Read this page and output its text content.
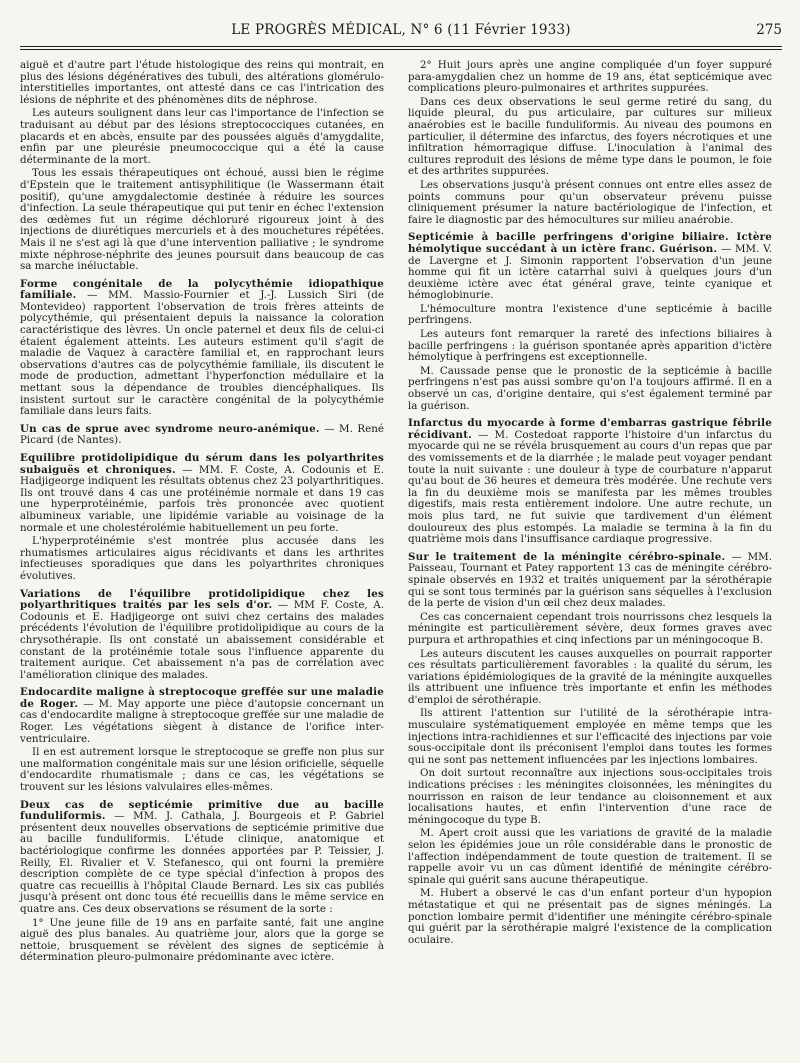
LE PROGRÈS MÉDICAL, N° 6 (11 Février 1933)	275

aiguë et d'autre part l'étude histologique des reins qui montrait, en plus des lésions dégénératives des tubuli, des altérations glomérulo-interstitielles importantes, ont attesté dans ce cas l'intrication des lésions de néphrite et des phénomènes dits de néphrose.

Les auteurs soulignent dans leur cas l'importance de l'infection se traduisant au début par des lésions streptococciques cutanées, en placards et en abcès, ensuite par des poussées aiguës d'amygdalite, enfin par une pleurésie pneumococcique qui a été la cause déterminante de la mort.

Tous les essais thérapeutiques ont échoué, aussi bien le régime d'Epstein que le traitement antisyphilitique (le Wassermann était positif), qu'une amygdalectomie destinée à réduire les sources d'infection. La seule thérapeutique qui put tenir en échec l'extension des œdèmes fut un régime déchloruré rigoureux joint à des injections de diurétiques mercuriels et à des mouchetures répétées. Mais il ne s'est agi là que d'une intervention palliative ; le syndrome mixte néphrose-néphrite des jeunes poursuit dans beaucoup de cas sa marche inéluctable.

Forme congénitale de la polycythémie idiopathique familiale. — MM. Massio-Fournier et J.-J. Lussich Siri (de Montevideo) rapportent l'observation de trois frères atteints de polycythémie, qui présentaient depuis la naissance la coloration caractéristique des lèvres. Un oncle paternel et deux fils de celui-ci étaient également atteints. Les auteurs estiment qu'il s'agit de maladie de Vaquez à caractère familial et, en rapprochant leurs observations d'autres cas de polycythémie familiale, ils discutent le mode de production, admettant l'hyperfonction médullaire et la mettant sous la dépendance de troubles diencéphaliques. Ils insistent surtout sur le caractère congénital de la polycythémie familiale dans leurs faits.

Un cas de sprue avec syndrome neuro-anémique. — M. René Picard (de Nantes).

Equilibre protidolipidique du sérum dans les polyarthrites subaiguës et chroniques. — MM. F. Coste, A. Codounis et E. Hadjigeorge indiquent les résultats obtenus chez 23 polyarthritiques. Ils ont trouvé dans 4 cas une protéinémie normale et dans 19 cas une hyperprotéinémie, parfois très prononcée avec quotient albumineux variable, une lipidémie variable au voisinage de la normale et une cholestérolémie habituellement un peu forte.

L'hyperprotéinémie s'est montrée plus accusée dans les rhumatismes articulaires aigus récidivants et dans les arthrites infectieuses sporadiques que dans les polyarthrites chroniques évolutives.

Variations de l'équilibre protidolipidique chez les polyarthritiques traités par les sels d'or. — MM F. Coste, A. Codounis et E. Hadjigeorge ont suivi chez certains des malades précédents l'évolution de l'équilibre protidolipidique au cours de la chrysothérapie. Ils ont constaté un abaissement considérable et constant de la protéinémie totale sous l'influence apparente du traitement aurique. Cet abaissement n'a pas de corrélation avec l'amélioration clinique des malades.

Endocardite maligne à streptocoque greffée sur une maladie de Roger. — M. May apporte une pièce d'autopsie concernant un cas d'endocardite maligne à streptocoque greffée sur une maladie de Roger. Les végétations siègent à distance de l'orifice inter-ventriculaire.

Il en est autrement lorsque le streptocoque se greffe non plus sur une malformation congénitale mais sur une lésion orificielle, séquelle d'endocardite rhumatismale ; dans ce cas, les végétations se trouvent sur les lésions valvulaires elles-mêmes.

Deux cas de septicémie primitive due au bacille funduliformis. — MM. J. Cathala, J. Bourgeois et P. Gabriel présentent deux nouvelles observations de septicémie primitive due au bacille funduliformis. L'étude clinique, anatomique et bactériologique confirme les données apportées par P. Teissier, J. Reilly, El. Rivalier et V. Stefanesco, qui ont fourni la première description complète de ce type spécial d'infection à propos des quatre cas recueillis à l'hôpital Claude Bernard. Les six cas publiés jusqu'à présent ont donc tous été recueillis dans le même service en quatre ans. Ces deux observations se résument de la sorte :

1° Une jeune fille de 19 ans en parfaite santé, fait une angine aiguë des plus banales. Au quatrième jour, alors que la gorge se nettoie, brusquement se révèlent des signes de septicémie à détermination pleuro-pulmonaire prédominante avec ictère.

2° Huit jours après une angine compliquée d'un foyer suppuré para-amygdalien chez un homme de 19 ans, état septicémique avec complications pleuro-pulmonaires et arthrites suppurées.

Dans ces deux observations le seul germe retiré du sang, du liquide pleural, du pus articulaire, par cultures sur milieux anaérobies est le bacille funduliformis. Au niveau des poumons en particulier, il détermine des infarctus, des foyers nécrotiques et une infiltration hémorragique diffuse. L'inoculation à l'animal des cultures reproduit des lésions de même type dans le poumon, le foie et des arthrites suppurées.

Les observations jusqu'à présent connues ont entre elles assez de points communs pour qu'un observateur prévenu puisse cliniquement présumer la nature bactériologique de l'infection, et faire le diagnostic par des hémocultures sur milieu anaérobie.

Septicémie à bacille perfringens d'origine biliaire. Ictère hémolytique succédant à un ictère franc. Guérison. — MM. V. de Lavergne et J. Simonin rapportent l'observation d'un jeune homme qui fit un ictère catarrhal suivi à quelques jours d'un deuxième ictère avec état général grave, teinte cyanique et hémoglobinurie.

L'hémoculture montra l'existence d'une septicémie à bacille perfringens.

Les auteurs font remarquer la rareté des infections biliaires à bacille perfringens : la guérison spontanée après apparition d'ictère hémolytique à perfringens est exceptionnelle.

M. Caussade pense que le pronostic de la septicémie à bacille perfringens n'est pas aussi sombre qu'on l'a toujours affirmé. Il en a observé un cas, d'origine dentaire, qui s'est également terminé par la guérison.

Infarctus du myocarde à forme d'embarras gastrique fébrile récidivant. — M. Costedoat rapporte l'histoire d'un infarctus du myocarde qui ne se révéla brusquement au cours d'un repas que par des vomissements et de la diarrhée ; le malade peut voyager pendant toute la nuit suivante : une douleur à type de courbature n'apparut qu'au bout de 36 heures et demeura très modérée. Une rechute vers la fin du deuxième mois se manifesta par les mêmes troubles digestifs, mais resta entièrement indolore. Une autre rechute, un mois plus tard, ne fut suivie que tardivement d'un élément douloureux des plus estompés. La maladie se termina à la fin du quatrième mois dans l'insuffisance cardiaque progressive.

Sur le traitement de la méningite cérébro-spinale. — MM. Paisseau, Tournant et Patey rapportent 13 cas de méningite cérébro-spinale observés en 1932 et traités uniquement par la sérothérapie qui se sont tous terminés par la guérison sans séquelles à l'exclusion de la perte de vision d'un œil chez deux malades.

Ces cas concernaient cependant trois nourrissons chez lesquels la méningite est particulièrement sévère, deux formes graves avec purpura et arthropathies et cinq infections par un méningocoque B.

Les auteurs discutent les causes auxquelles on pourrait rapporter ces résultats particulièrement favorables : la qualité du sérum, les variations épidémiologiques de la gravité de la méningite auxquelles ils attribuent une influence très importante et enfin les méthodes d'emploi de sérothérapie.

Ils attirent l'attention sur l'utilité de la sérothérapie intra-musculaire systématiquement employée en même temps que les injections intra-rachidiennes et sur l'efficacité des injections par voie sous-occipitale dont ils préconisent l'emploi dans toutes les formes qui ne sont pas nettement influencées par les injections lombaires.

On doit surtout reconnaître aux injections sous-occipitales trois indications précises : les méningites cloisonnées, les méningites du nourrisson en raison de leur tendance au cloisonnement et aux localisations hautes, et enfin l'intervention d'une race de méningocoque du type B.

M. Apert croit aussi que les variations de gravité de la maladie selon les épidémies joue un rôle considérable dans le pronostic de l'affection indépendamment de toute question de traitement. Il se rappelle avoir vu un cas dûment identifié de méningite cérébro-spinale qui guérit sans aucune thérapeutique.

M. Hubert a observé le cas d'un enfant porteur d'un hypopion métastatique et qui ne présentait pas de signes méningés. La ponction lombaire permit d'identifier une méningite cérébro-spinale qui guérit par la sérothérapie malgré l'existence de la complication oculaire.
